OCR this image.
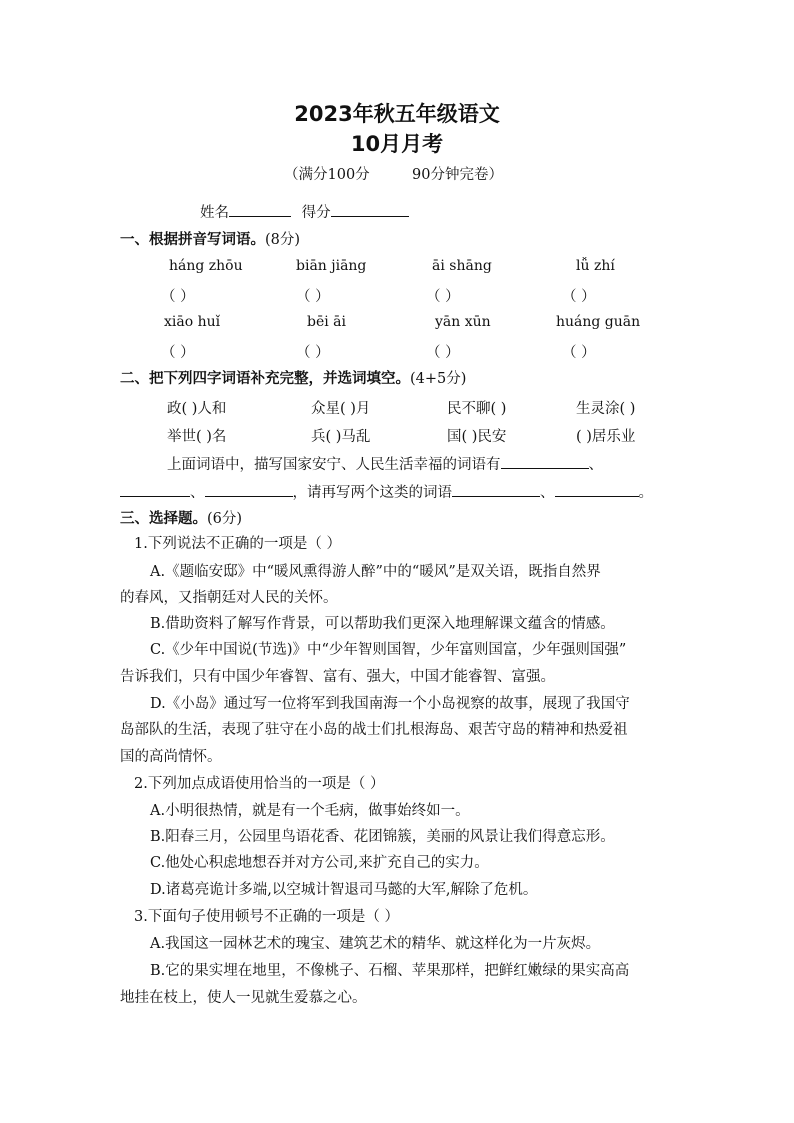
2023年秋五年级语文
10月月考
（满分100分	90分钟完卷）
姓名	得分
一、根据拼音写词语。(8分)
háng zhōu	biān jiāng	āi shāng	lǚ zhí
（ ）	（ ）	（ ）	（ ）
xiāo huǐ	bēi āi	yān xūn	huáng guān
（ ）	（ ）	（ ）	（ ）
二、把下列四字词语补充完整，并选词填空。(4+5分)
政( )人和	众星( )月	民不聊( )	生灵涂( )
举世( )名	兵( )马乱	国( )民安	( )居乐业
上面词语中，描写国家安宁、人民生活幸福的词语有	、
、	，请再写两个这类的词语	、	。
三、选择题。(6分)
1.下列说法不正确的一项是（ ）
A.《题临安邸》中“暖风熏得游人醉”中的“暖风”是双关语，既指自然界
的春风，又指朝廷对人民的关怀。
B.借助资料了解写作背景，可以帮助我们更深入地理解课文蕴含的情感。
C.《少年中国说(节选)》中“少年智则国智，少年富则国富，少年强则国强”
告诉我们，只有中国少年睿智、富有、强大，中国才能睿智、富强。
D.《小岛》通过写一位将军到我国南海一个小岛视察的故事，展现了我国守
岛部队的生活，表现了驻守在小岛的战士们扎根海岛、艰苦守岛的精神和热爱祖
国的高尚情怀。
2.下列加点成语使用恰当的一项是（ ）
A.小明很热情，就是有一个毛病，做事始终如一。
B.阳春三月，公园里鸟语花香、花团锦簇，美丽的风景让我们得意忘形。
C.他处心积虑地想吞并对方公司,来扩充自己的实力。
D.诸葛亮诡计多端,以空城计智退司马懿的大军,解除了危机。
3.下面句子使用顿号不正确的一项是（ ）
A.我国这一园林艺术的瑰宝、建筑艺术的精华、就这样化为一片灰烬。
B.它的果实埋在地里，不像桃子、石榴、苹果那样，把鲜红嫩绿的果实高高
地挂在枝上，使人一见就生爱慕之心。
